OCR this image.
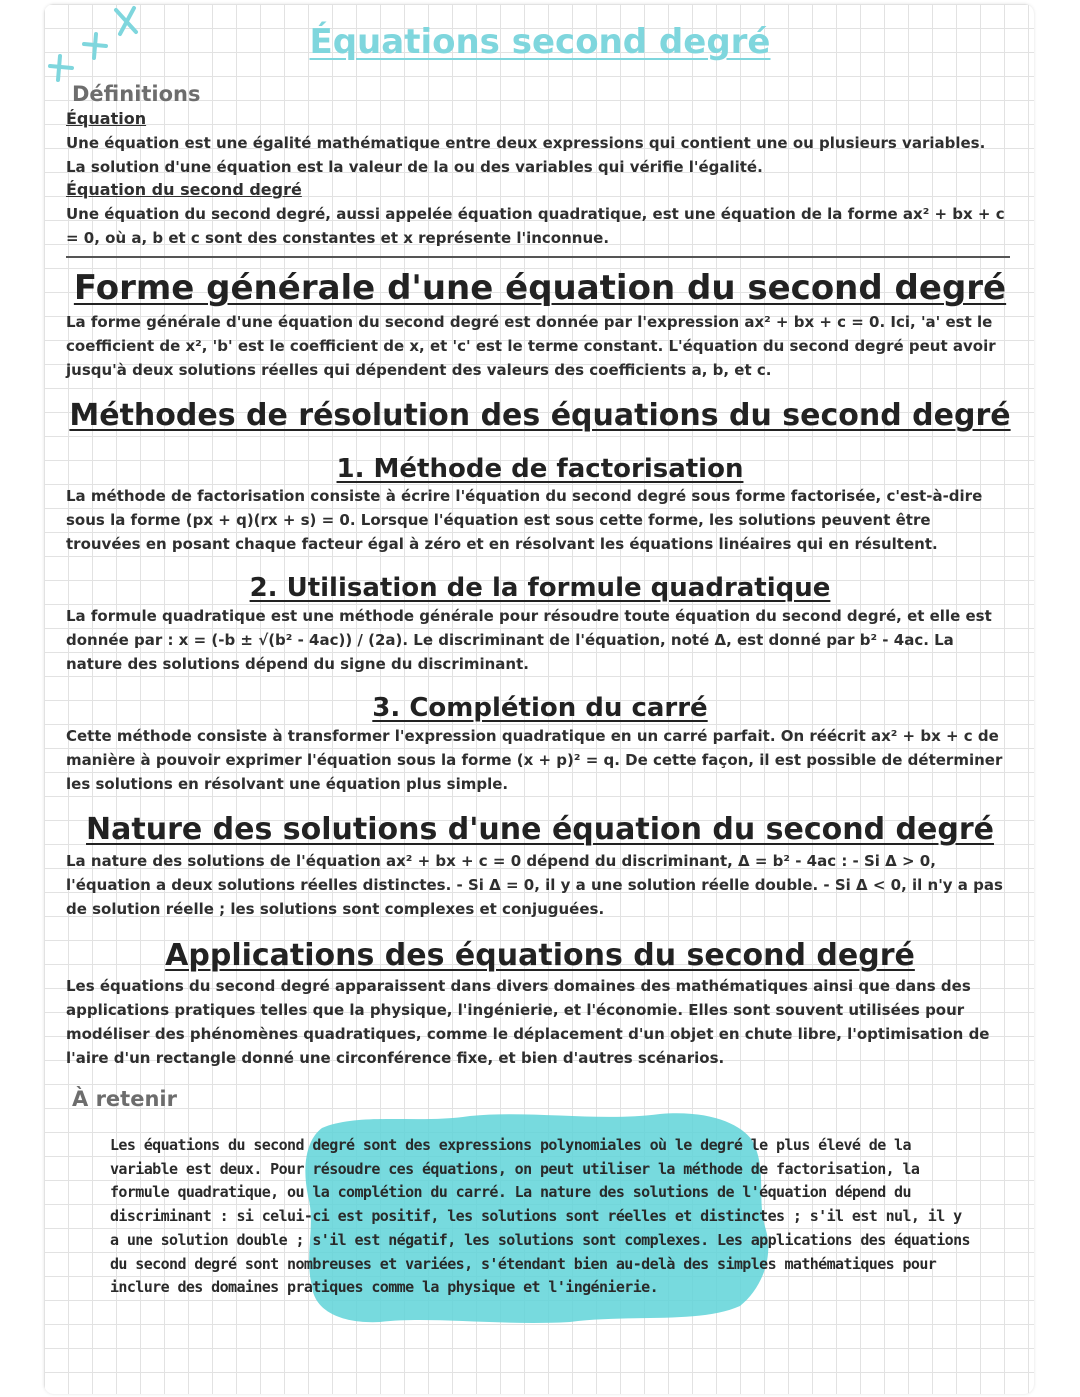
Équations second degré
Définitions
Équation

Une équation est une égalité mathématique entre deux expressions qui contient une ou plusieurs variables. La solution d'une équation est la valeur de la ou des variables qui vérifie l'égalité.

Équation du second degré

Une équation du second degré, aussi appelée équation quadratique, est une équation de la forme ax² + bx + c = 0, où a, b et c sont des constantes et x représente l'inconnue.

Forme générale d'une équation du second degré

La forme générale d'une équation du second degré est donnée par l'expression ax² + bx + c = 0. Ici, 'a' est le coefficient de x², 'b' est le coefficient de x, et 'c' est le terme constant. L'équation du second degré peut avoir jusqu'à deux solutions réelles qui dépendent des valeurs des coefficients a, b, et c.

Méthodes de résolution des équations du second degré
1. Méthode de factorisation

La méthode de factorisation consiste à écrire l'équation du second degré sous forme factorisée, c'est-à-dire sous la forme (px + q)(rx + s) = 0. Lorsque l'équation est sous cette forme, les solutions peuvent être trouvées en posant chaque facteur égal à zéro et en résolvant les équations linéaires qui en résultent.

2. Utilisation de la formule quadratique

La formule quadratique est une méthode générale pour résoudre toute équation du second degré, et elle est donnée par : x = (-b ± √(b² - 4ac)) / (2a). Le discriminant de l'équation, noté Δ, est donné par b² - 4ac. La nature des solutions dépend du signe du discriminant.

3. Complétion du carré

Cette méthode consiste à transformer l'expression quadratique en un carré parfait. On réécrit ax² + bx + c de manière à pouvoir exprimer l'équation sous la forme (x + p)² = q. De cette façon, il est possible de déterminer les solutions en résolvant une équation plus simple.

Nature des solutions d'une équation du second degré

La nature des solutions de l'équation ax² + bx + c = 0 dépend du discriminant, Δ = b² - 4ac : - Si Δ > 0, l'équation a deux solutions réelles distinctes. - Si Δ = 0, il y a une solution réelle double. - Si Δ < 0, il n'y a pas de solution réelle ; les solutions sont complexes et conjuguées.

Applications des équations du second degré

Les équations du second degré apparaissent dans divers domaines des mathématiques ainsi que dans des applications pratiques telles que la physique, l'ingénierie, et l'économie. Elles sont souvent utilisées pour modéliser des phénomènes quadratiques, comme le déplacement d'un objet en chute libre, l'optimisation de l'aire d'un rectangle donné une circonférence fixe, et bien d'autres scénarios.

À retenir

Les équations du second degré sont des expressions polynomiales où le degré le plus élevé de la variable est deux. Pour résoudre ces équations, on peut utiliser la méthode de factorisation, la formule quadratique, ou la complétion du carré. La nature des solutions de l'équation dépend du discriminant : si celui-ci est positif, les solutions sont réelles et distinctes ; s'il est nul, il y a une solution double ; s'il est négatif, les solutions sont complexes. Les applications des équations du second degré sont nombreuses et variées, s'étendant bien au-delà des simples mathématiques pour inclure des domaines pratiques comme la physique et l'ingénierie.
